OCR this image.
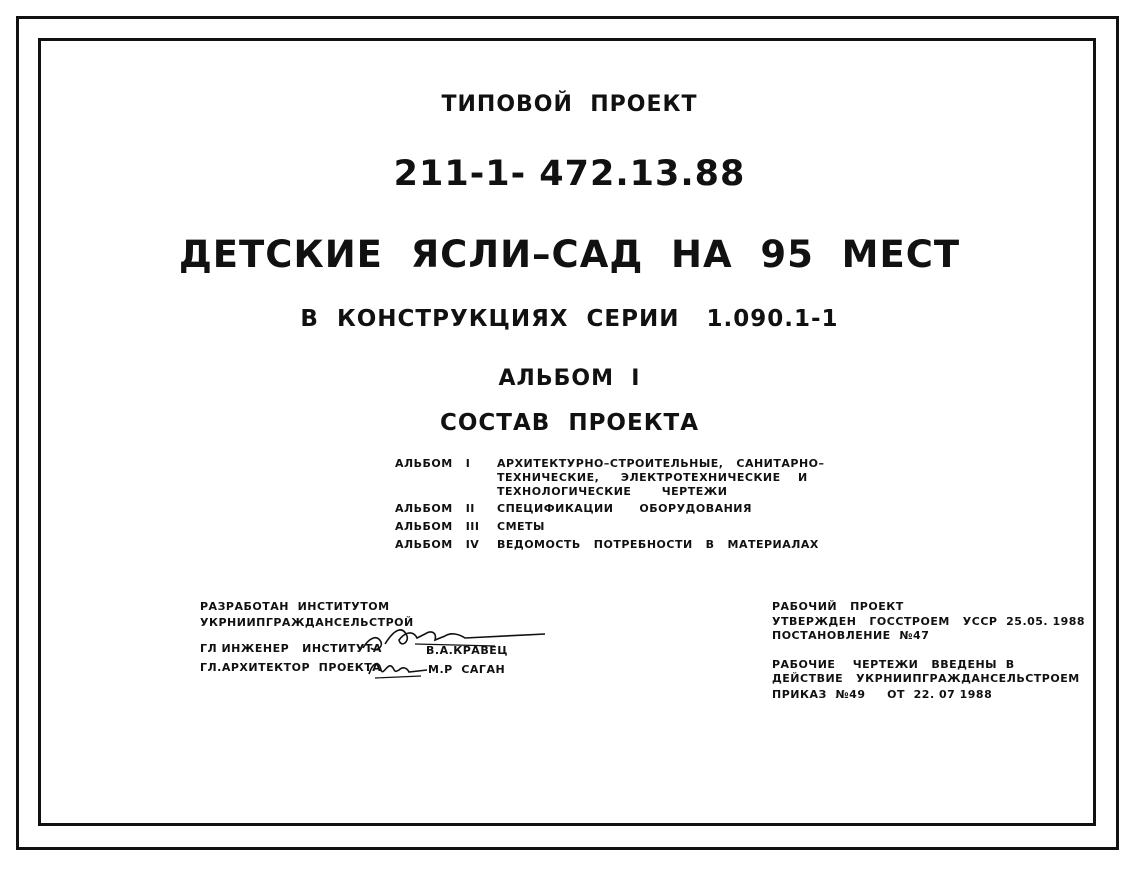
ТИПОВОЙ  ПРОЕКТ
211-1- 472.13.88
ДЕТСКИЕ  ЯСЛИ–САД  НА  95  МЕСТ
В  КОНСТРУКЦИЯХ  СЕРИИ   1.090.1-1
АЛЬБОМ  I
СОСТАВ  ПРОЕКТА
АЛЬБОМ   I АРХИТЕКТУРНО–СТРОИТЕЛЬНЫЕ,   САНИТАРНО–
ТЕХНИЧЕСКИЕ,     ЭЛЕКТРОТЕХНИЧЕСКИЕ    И
ТЕХНОЛОГИЧЕСКИЕ       ЧЕРТЕЖИ
АЛЬБОМ   II СПЕЦИФИКАЦИИ      ОБОРУДОВАНИЯ
АЛЬБОМ   III СМЕТЫ
АЛЬБОМ   IV ВЕДОМОСТЬ   ПОТРЕБНОСТИ   В   МАТЕРИАЛАХ
РАЗРАБОТАН  ИНСТИТУТОМ
УКРНИИПГРАЖДАНСЕЛЬСТРОЙ
ГЛ ИНЖЕНЕР   ИНСТИТУТА	В.А.КРАВЕЦ
ГЛ.АРХИТЕКТОР  ПРОЕКТА	М.Р  САГАН
РАБОЧИЙ   ПРОЕКТ
УТВЕРЖДЕН   ГОССТРОЕМ   УССР  25.05. 1988
ПОСТАНОВЛЕНИЕ  №47
РАБОЧИЕ    ЧЕРТЕЖИ   ВВЕДЕНЫ  В
ДЕЙСТВИЕ   УКРНИИПГРАЖДАНСЕЛЬСТРОЕМ
ПРИКАЗ  №49     ОТ  22. 07 1988
